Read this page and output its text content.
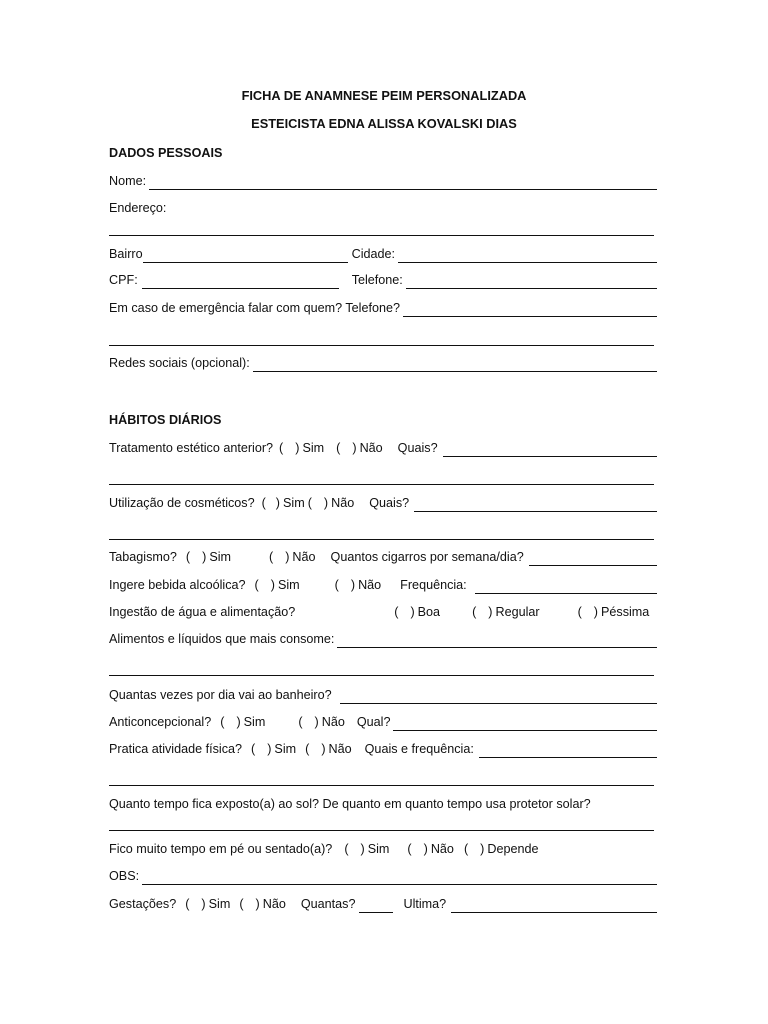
FICHA DE ANAMNESE PEIM PERSONALIZADA
ESTEICISTA EDNA ALISSA KOVALSKI DIAS
DADOS PESSOAIS
Nome:
Endereço:
Bairro	Cidade:
CPF:	Telefone:
Em caso de emergência falar com quem? Telefone?
Redes sociais (opcional):
HÁBITOS DIÁRIOS
Tratamento estético anterior? ( ) Sim ( ) Não Quais?
Utilização de cosméticos? ( ) Sim ( ) Não Quais?
Tabagismo? ( ) Sim	( ) Não Quantos cigarros por semana/dia?
Ingere bebida alcoólica? ( ) Sim	( ) Não Frequência:
Ingestão de água e alimentação?	( ) Boa	( ) Regular	( ) Péssima
Alimentos e líquidos que mais consome:
Quantas vezes por dia vai ao banheiro?
Anticoncepcional? ( ) Sim	( ) Não Qual?
Pratica atividade física? ( ) Sim ( ) Não Quais e frequência:
Quanto tempo fica exposto(a) ao sol? De quanto em quanto tempo usa protetor solar?
Fico muito tempo em pé ou sentado(a)? ( ) Sim ( ) Não ( ) Depende
OBS:
Gestações? ( ) Sim ( ) Não Quantas?	Ultima?
